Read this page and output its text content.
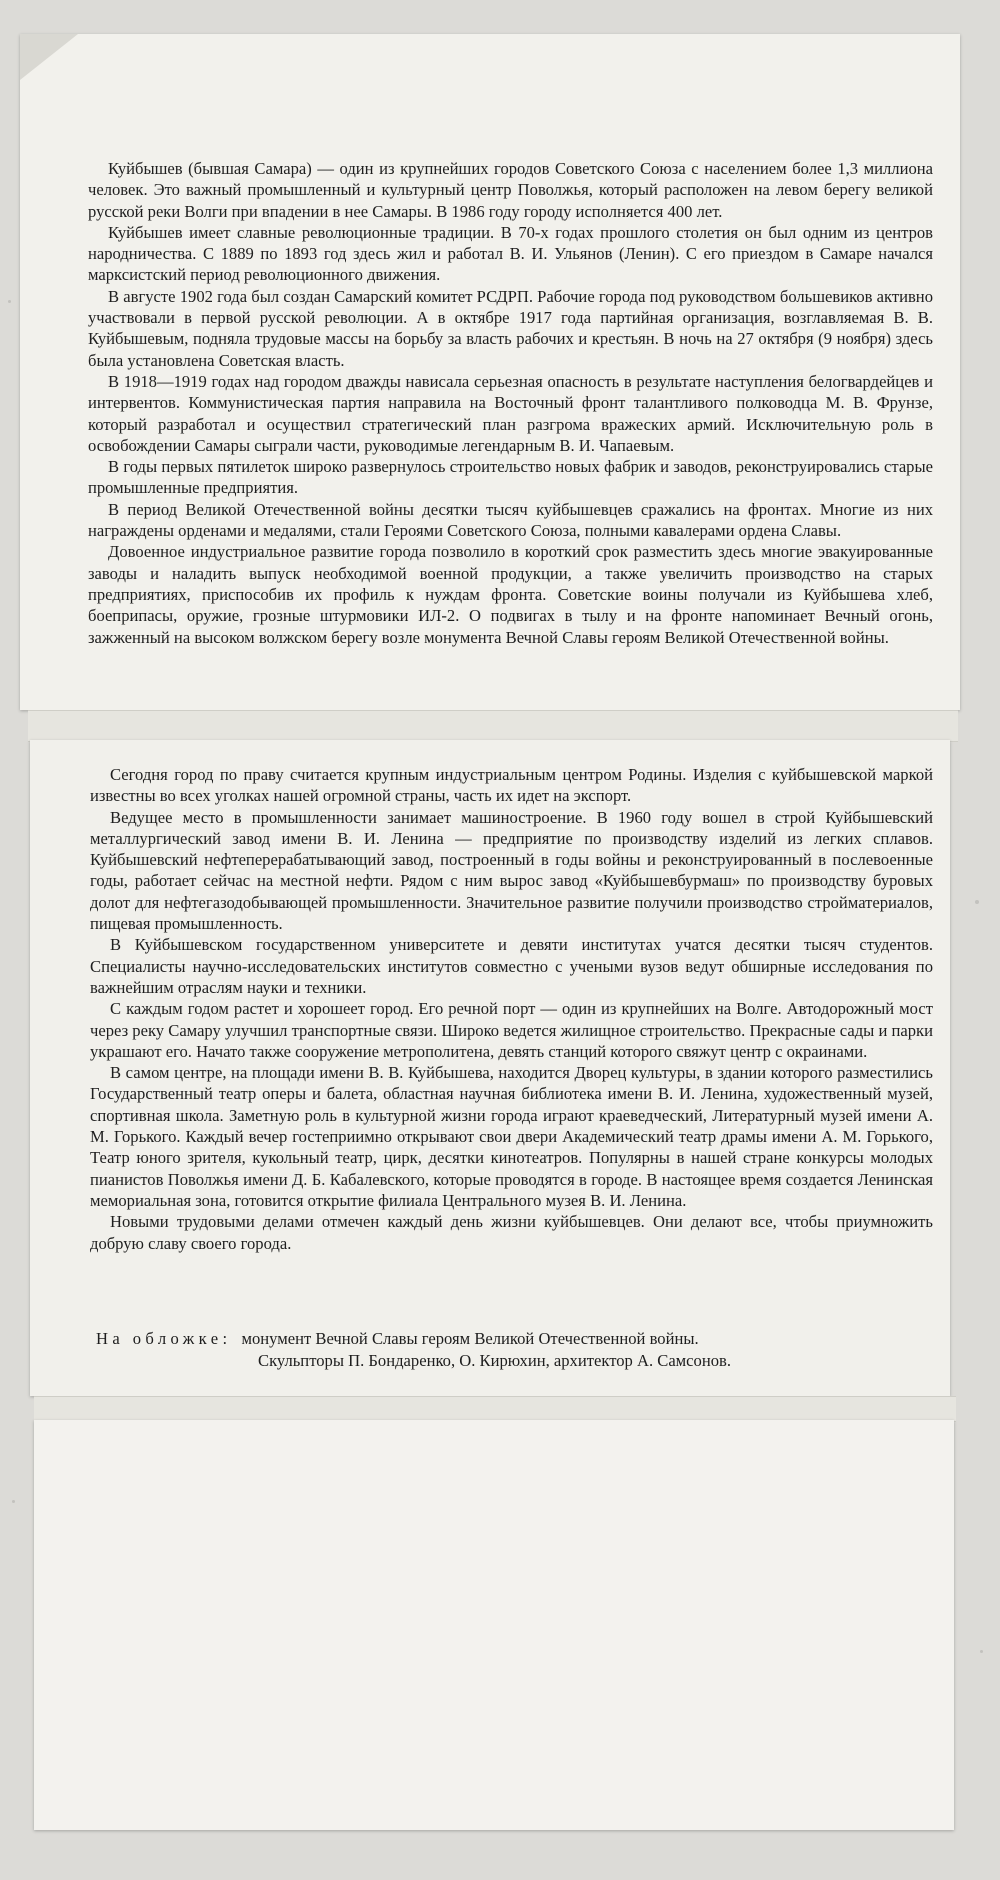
Куйбышев (бывшая Самара) — один из крупнейших городов Советского Союза с населением более 1,3 миллиона человек. Это важный промышленный и культурный центр Поволжья, который расположен на левом берегу великой русской реки Волги при впадении в нее Самары. В 1986 году городу исполняется 400 лет.

Куйбышев имеет славные революционные традиции. В 70-х годах прошлого столетия он был одним из центров народничества. С 1889 по 1893 год здесь жил и работал В. И. Ульянов (Ленин). С его приездом в Самаре начался марксистский период революционного движения.

В августе 1902 года был создан Самарский комитет РСДРП. Рабочие города под руководством большевиков активно участвовали в первой русской революции. А в октябре 1917 года партийная организация, возглавляемая В. В. Куйбышевым, подняла трудовые массы на борьбу за власть рабочих и крестьян. В ночь на 27 октября (9 ноября) здесь была установлена Советская власть.

В 1918—1919 годах над городом дважды нависала серьезная опасность в результате наступления белогвардейцев и интервентов. Коммунистическая партия направила на Восточный фронт талантливого полководца М. В. Фрунзе, который разработал и осуществил стратегический план разгрома вражеских армий. Исключительную роль в освобождении Самары сыграли части, руководимые легендарным В. И. Чапаевым.

В годы первых пятилеток широко развернулось строительство новых фабрик и заводов, реконструировались старые промышленные предприятия.

В период Великой Отечественной войны десятки тысяч куйбышевцев сражались на фронтах. Многие из них награждены орденами и медалями, стали Героями Советского Союза, полными кавалерами ордена Славы.

Довоенное индустриальное развитие города позволило в короткий срок разместить здесь многие эвакуированные заводы и наладить выпуск необходимой военной продукции, а также увеличить производство на старых предприятиях, приспособив их профиль к нуждам фронта. Советские воины получали из Куйбышева хлеб, боеприпасы, оружие, грозные штурмовики ИЛ-2. О подвигах в тылу и на фронте напоминает Вечный огонь, зажженный на высоком волжском берегу возле монумента Вечной Славы героям Великой Отечественной войны.

Сегодня город по праву считается крупным индустриальным центром Родины. Изделия с куйбышевской маркой известны во всех уголках нашей огромной страны, часть их идет на экспорт.

Ведущее место в промышленности занимает машиностроение. В 1960 году вошел в строй Куйбышевский металлургический завод имени В. И. Ленина — предприятие по производству изделий из легких сплавов. Куйбышевский нефтеперерабатывающий завод, построенный в годы войны и реконструированный в послевоенные годы, работает сейчас на местной нефти. Рядом с ним вырос завод «Куйбышевбурмаш» по производству буровых долот для нефтегазодобывающей промышленности. Значительное развитие получили производство стройматериалов, пищевая промышленность.

В Куйбышевском государственном университете и девяти институтах учатся десятки тысяч студентов. Специалисты научно-исследовательских институтов совместно с учеными вузов ведут обширные исследования по важнейшим отраслям науки и техники.

С каждым годом растет и хорошеет город. Его речной порт — один из крупнейших на Волге. Автодорожный мост через реку Самару улучшил транспортные связи. Широко ведется жилищное строительство. Прекрасные сады и парки украшают его. Начато также сооружение метрополитена, девять станций которого свяжут центр с окраинами.

В самом центре, на площади имени В. В. Куйбышева, находится Дворец культуры, в здании которого разместились Государственный театр оперы и балета, областная научная библиотека имени В. И. Ленина, художественный музей, спортивная школа. Заметную роль в культурной жизни города играют краеведческий, Литературный музей имени А. М. Горького. Каждый вечер гостеприимно открывают свои двери Академический театр драмы имени А. М. Горького, Театр юного зрителя, кукольный театр, цирк, десятки кинотеатров. Популярны в нашей стране конкурсы молодых пианистов Поволжья имени Д. Б. Кабалевского, которые проводятся в городе. В настоящее время создается Ленинская мемориальная зона, готовится открытие филиала Центрального музея В. И. Ленина.

Новыми трудовыми делами отмечен каждый день жизни куйбышевцев. Они делают все, чтобы приумножить добрую славу своего города.

На обложке: монумент Вечной Славы героям Великой Отечественной войны.
Скульпторы П. Бондаренко, О. Кирюхин, архитектор А. Самсонов.
